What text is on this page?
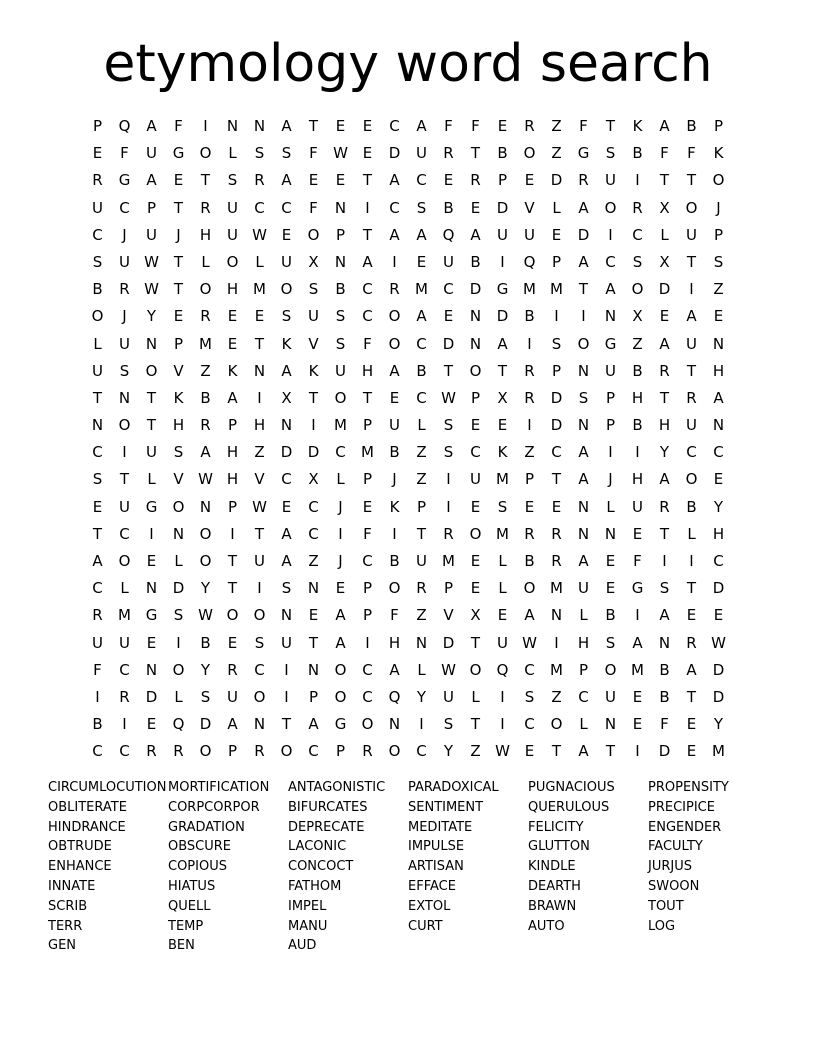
etymology word search
P	Q	A	F	I	N	N	A	T	E	E	C	A	F	F	E	R	Z	F	T	K	A	B	P
E	F	U	G	O	L	S	S	F	W E	D	U	R	T	B	O	Z	G	S	B	F	F	K
R	G	A	E	T	S	R	A	E	E	T	A	C	E	R	P	E	D	R	U	I	T	T	O
U	C	P	T	R	U	C	C	F	N	I	C	S	B	E	D	V	L	A	O	R	X	O	J
C	J	U	J	H	U W E	O	P	T	A	A	Q	A	U	U	E	D	I	C	L	U	P
S	U W T	L	O	L	U	X	N	A	I	E	U	B	I	Q	P	A	C	S	X	T	S
B	R W T	O	H M O	S	B	C	R	M	C	D	G M M	T	A	O	D	I	Z
O	J	Y	E	R	E	E	S	U	S	C	O	A	E	N	D	B	I	I	N	X	E	A	E
L	U	N	P	M	E	T	K	V	S	F	O	C	D	N	A	I	S	O	G	Z	A	U	N
U	S	O	V	Z	K	N	A	K	U	H	A	B	T	O	T	R	P	N	U	B	R	T	H
T	N	T	K	B	A	I	X	T	O	T	E	C W	P	X	R	D	S	P	H	T	R	A
N	O	T	H	R	P	H	N	I	M	P	U	L	S	E	E	I	D	N	P	B	H	U	N
C	I	U	S	A	H	Z	D	D	C	M	B	Z	S	C	K	Z	C	A	I	I	Y	C	C
S	T	L	V W H	V	C	X	L	P	J	Z	I	U	M	P	T	A	J	H	A	O	E
E	U	G	O	N	P	W E	C	J	E	K	P	I	E	S	E	E	N	L	U	R	B	Y
T	C	I	N	O	I	T	A	C	I	F	I	T	R	O M	R	R	N	N	E	T	L	H
A	O	E	L	O	T	U	A	Z	J	C	B	U	M	E	L	B	R	A	E	F	I	I	C
C	L	N	D	Y	T	I	S	N	E	P	O	R	P	E	L	O M	U	E	G	S	T	D
R	M G	S W O	O	N	E	A	P	F	Z	V	X	E	A	N	L	B	I	A	E	E
U	U	E	I	B	E	S	U	T	A	I	H	N	D	T	U W	I	H	S	A	N	R W
F	C	N	O	Y	R	C	I	N	O	C	A	L	W O	Q	C	M	P	O M	B	A	D
I	R	D	L	S	U	O	I	P	O	C	Q	Y	U	L	I	S	Z	C	U	E	B	T	D
B	I	E	Q	D	A	N	T	A	G	O	N	I	S	T	I	C	O	L	N	E	F	E	Y
C	C	R	R	O	P	R	O	C	P	R	O	C	Y	Z W E	T	A	T	I	D	E	M
CIRCUMLOCUTION MORTIFICATION	ANTAGONISTIC	PARADOXICAL	PUGNACIOUS	PROPENSITY
OBLITERATE	CORPCORPOR	BIFURCATES	SENTIMENT	QUERULOUS	PRECIPICE
HINDRANCE	GRADATION	DEPRECATE	MEDITATE	FELICITY	ENGENDER
OBTRUDE	OBSCURE	LACONIC	IMPULSE	GLUTTON	FACULTY
ENHANCE	COPIOUS	CONCOCT	ARTISAN	KINDLE	JURJUS
INNATE	HIATUS	FATHOM	EFFACE	DEARTH	SWOON
SCRIB	QUELL	IMPEL	EXTOL	BRAWN	TOUT
TERR	TEMP	MANU	CURT	AUTO	LOG
GEN	BEN	AUD
